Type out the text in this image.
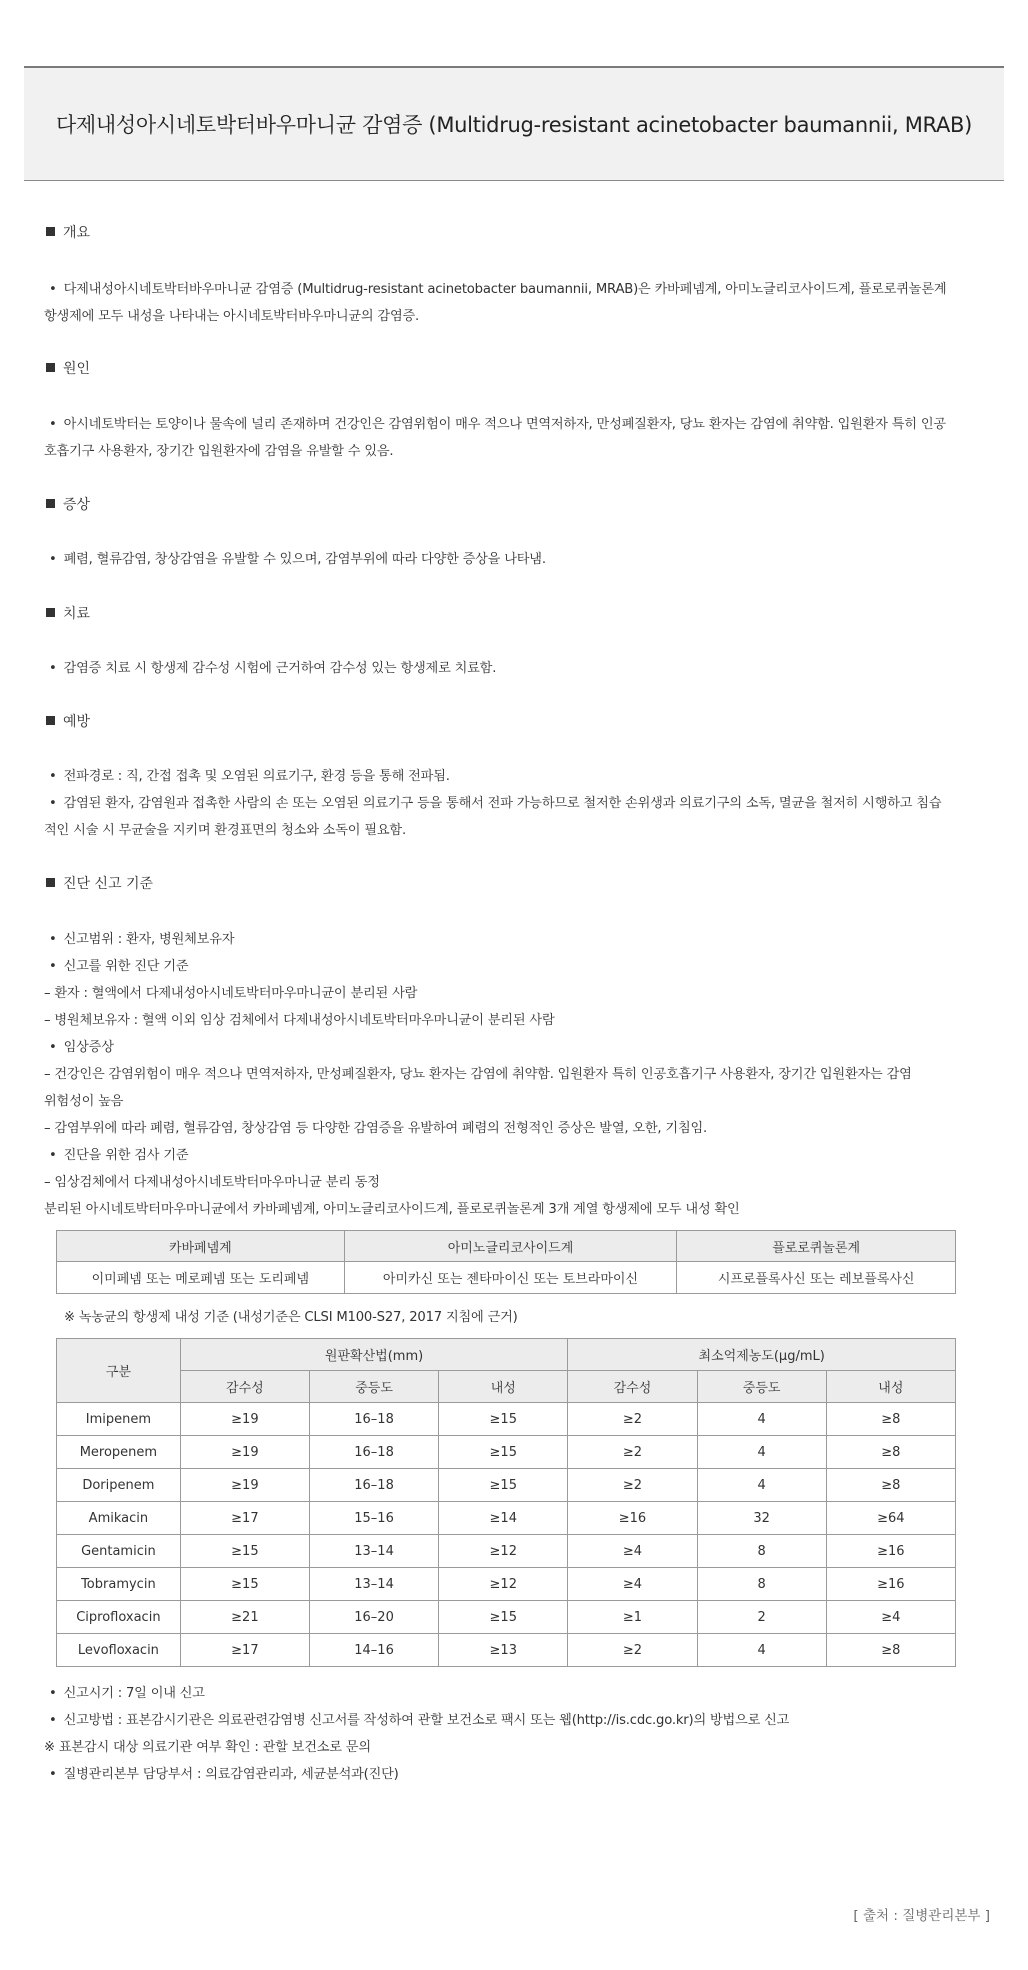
다제내성아시네토박터바우마니균 감염증 (Multidrug-resistant acinetobacter baumannii, MRAB)
개요
• 다제내성아시네토박터바우마니균 감염증 (Multidrug-resistant acinetobacter baumannii, MRAB)은 카바페넴계, 아미노글리코사이드계, 플로로퀴놀론계
항생제에 모두 내성을 나타내는 아시네토박터바우마니균의 감염증.
원인
• 아시네토박터는 토양이나 물속에 널리 존재하며 건강인은 감염위험이 매우 적으나 면역저하자, 만성폐질환자, 당뇨 환자는 감염에 취약함. 입원환자 특히 인공
호흡기구 사용환자, 장기간 입원환자에 감염을 유발할 수 있음.
증상
• 폐렴, 혈류감염, 창상감염을 유발할 수 있으며, 감염부위에 따라 다양한 증상을 나타냄.
치료
• 감염증 치료 시 항생제 감수성 시험에 근거하여 감수성 있는 항생제로 치료함.
예방
• 전파경로 : 직, 간접 접촉 및 오염된 의료기구, 환경 등을 통해 전파됨.
• 감염된 환자, 감염원과 접촉한 사람의 손 또는 오염된 의료기구 등을 통해서 전파 가능하므로 철저한 손위생과 의료기구의 소독, 멸균을 철저히 시행하고 침습
적인 시술 시 무균술을 지키며 환경표면의 청소와 소독이 필요함.
진단 신고 기준
• 신고범위 : 환자, 병원체보유자
• 신고를 위한 진단 기준
– 환자 : 혈액에서 다제내성아시네토박터마우마니균이 분리된 사람
– 병원체보유자 : 혈액 이외 임상 검체에서 다제내성아시네토박터마우마니균이 분리된 사람
• 임상증상
– 건강인은 감염위험이 매우 적으나 면역저하자, 만성폐질환자, 당뇨 환자는 감염에 취약함. 입원환자 특히 인공호흡기구 사용환자, 장기간 입원환자는 감염
위험성이 높음
– 감염부위에 따라 폐렴, 혈류감염, 창상감염 등 다양한 감염증을 유발하여 폐렴의 전형적인 증상은 발열, 오한, 기침임.
• 진단을 위한 검사 기준
– 임상검체에서 다제내성아시네토박터마우마니균 분리 동정
분리된 아시네토박터마우마니균에서 카바페넴계, 아미노글리코사이드계, 플로로퀴놀론계 3개 계열 항생제에 모두 내성 확인
카바페넴계	아미노글리코사이드계	플로로퀴놀론계
이미페넴 또는 메로페넴 또는 도리페넴	아미카신 또는 젠타마이신 또는 토브라마이신	시프로플록사신 또는 레보플록사신
※ 녹농균의 항생제 내성 기준 (내성기준은 CLSI M100-S27, 2017 지침에 근거)
구분	원판확산법(mm)			최소억제농도(μg/mL)		
	감수성	중등도	내성	감수성	중등도	내성
Imipenem	≥19	16–18	≥15	≥2	4	≥8
Meropenem	≥19	16–18	≥15	≥2	4	≥8
Doripenem	≥19	16–18	≥15	≥2	4	≥8
Amikacin	≥17	15–16	≥14	≥16	32	≥64
Gentamicin	≥15	13–14	≥12	≥4	8	≥16
Tobramycin	≥15	13–14	≥12	≥4	8	≥16
Ciprofloxacin	≥21	16–20	≥15	≥1	2	≥4
Levofloxacin	≥17	14–16	≥13	≥2	4	≥8
• 신고시기 : 7일 이내 신고
• 신고방법 : 표본감시기관은 의료관련감염병 신고서를 작성하여 관할 보건소로 팩시 또는 웹(http://is.cdc.go.kr)의 방법으로 신고
※ 표본감시 대상 의료기관 여부 확인 : 관할 보건소로 문의
• 질병관리본부 담당부서 : 의료감염관리과, 세균분석과(진단)
[ 출처 : 질병관리본부 ]
